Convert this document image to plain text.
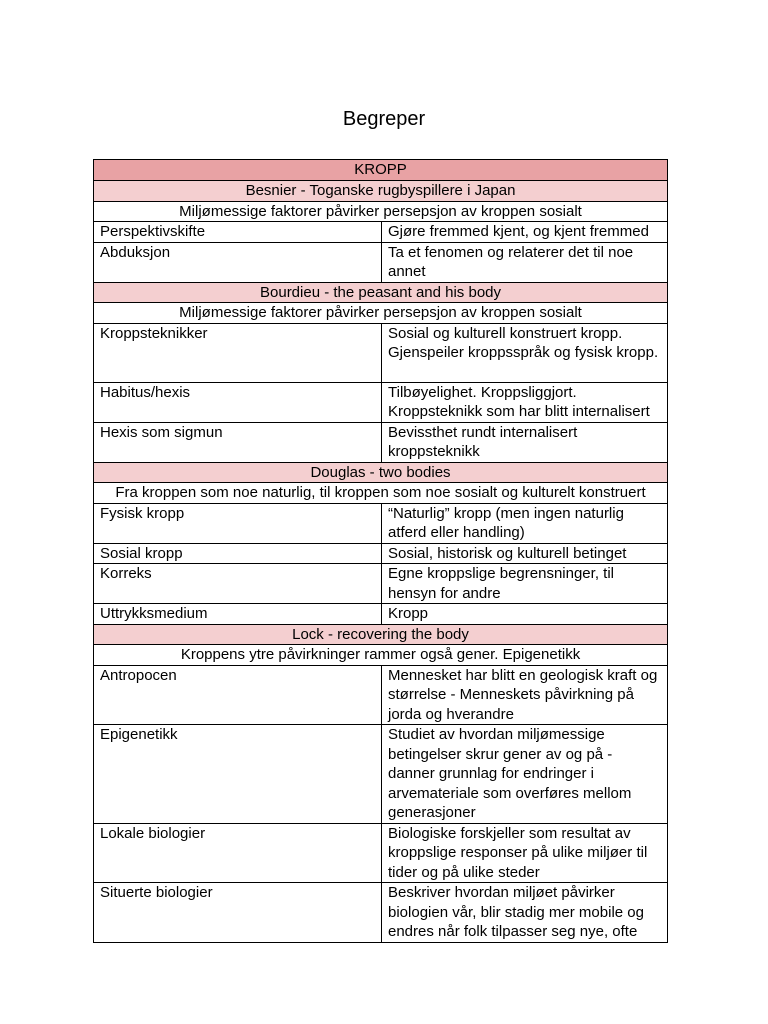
Begreper
KROPP	
Besnier - Toganske rugbyspillere i Japan	
Miljømessige faktorer påvirker persepsjon av kroppen sosialt	
Perspektivskifte	Gjøre fremmed kjent, og kjent fremmed
Abduksjon	Ta et fenomen og relaterer det til noe annet
Bourdieu - the peasant and his body	
Miljømessige faktorer påvirker persepsjon av kroppen sosialt	
Kroppsteknikker	Sosial og kulturell konstruert kropp. Gjenspeiler kroppsspråk og fysisk kropp.
Habitus/hexis	Tilbøyelighet. Kroppsliggjort. Kroppsteknikk som har blitt internalisert
Hexis som sigmun	Bevissthet rundt internalisert kroppsteknikk
Douglas - two bodies	
Fra kroppen som noe naturlig, til kroppen som noe sosialt og kulturelt konstruert	
Fysisk kropp	“Naturlig” kropp (men ingen naturlig atferd eller handling)
Sosial kropp	Sosial, historisk og kulturell betinget
Korreks	Egne kroppslige begrensninger, til hensyn for andre
Uttrykksmedium	Kropp
Lock - recovering the body	
Kroppens ytre påvirkninger rammer også gener. Epigenetikk	
Antropocen	Mennesket har blitt en geologisk kraft og størrelse - Menneskets påvirkning på jorda og hverandre
Epigenetikk	Studiet av hvordan miljømessige betingelser skrur gener av og på - danner grunnlag for endringer i arvemateriale som overføres mellom generasjoner
Lokale biologier	Biologiske forskjeller som resultat av kroppslige responser på ulike miljøer til tider og på ulike steder
Situerte biologier	Beskriver hvordan miljøet påvirker biologien vår, blir stadig mer mobile og endres når folk tilpasser seg nye, ofte
